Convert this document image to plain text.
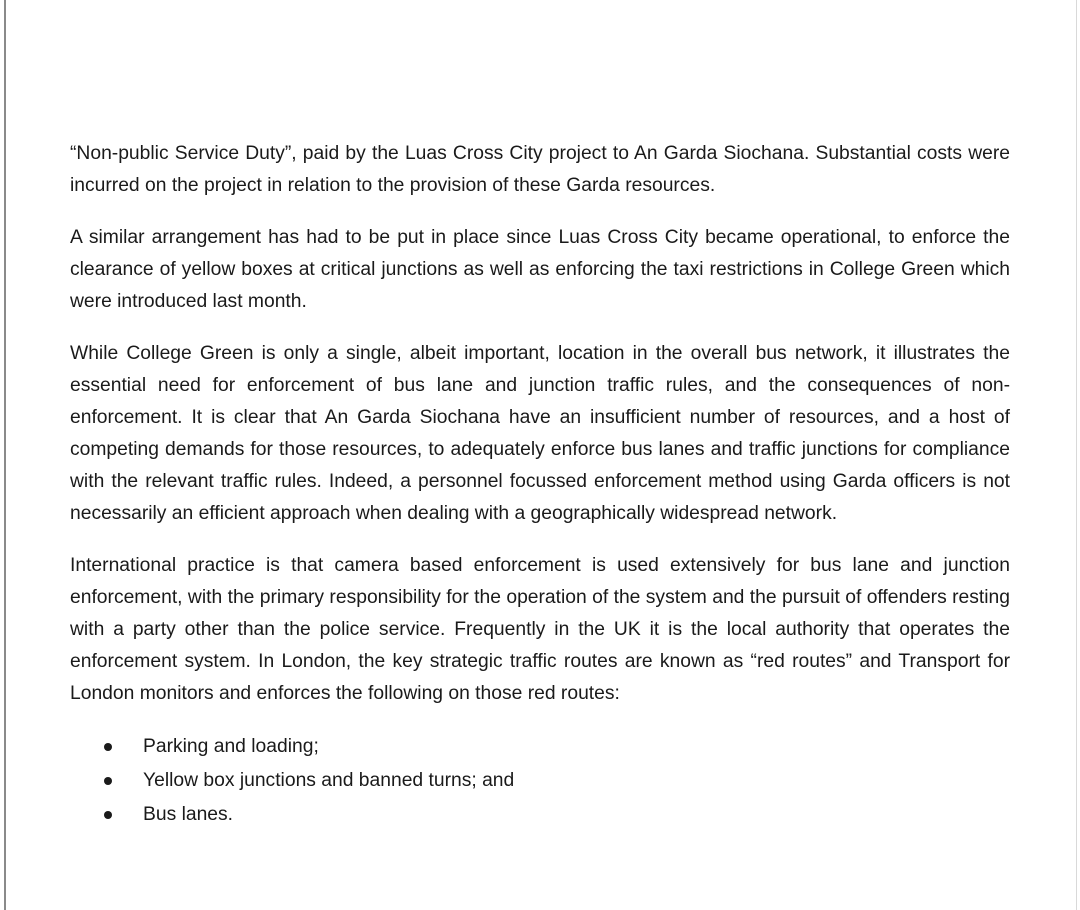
“Non-public Service Duty”, paid by the Luas Cross City project to An Garda Siochana. Substantial costs were incurred on the project in relation to the provision of these Garda resources.

A similar arrangement has had to be put in place since Luas Cross City became operational, to enforce the clearance of yellow boxes at critical junctions as well as enforcing the taxi restrictions in College Green which were introduced last month.

While College Green is only a single, albeit important, location in the overall bus network, it illustrates the essential need for enforcement of bus lane and junction traffic rules, and the consequences of non-enforcement. It is clear that An Garda Siochana have an insufficient number of resources, and a host of competing demands for those resources, to adequately enforce bus lanes and traffic junctions for compliance with the relevant traffic rules. Indeed, a personnel focussed enforcement method using Garda officers is not necessarily an efficient approach when dealing with a geographically widespread network.

International practice is that camera based enforcement is used extensively for bus lane and junction enforcement, with the primary responsibility for the operation of the system and the pursuit of offenders resting with a party other than the police service. Frequently in the UK it is the local authority that operates the enforcement system. In London, the key strategic traffic routes are known as “red routes” and Transport for London monitors and enforces the following on those red routes:

Parking and loading;
Yellow box junctions and banned turns; and
Bus lanes.
